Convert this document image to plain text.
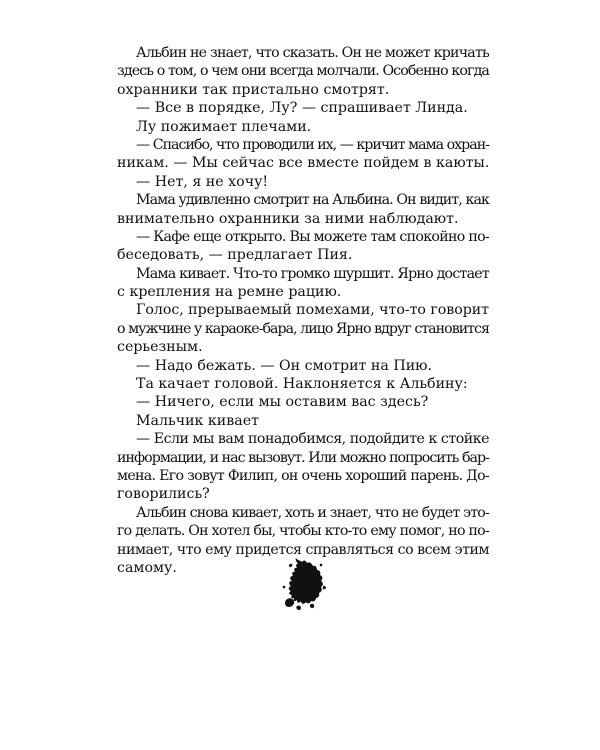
Альбин не знает, что сказать. Он не может кричать
здесь о том, о чем они всегда молчали. Особенно когда
охранники так пристально смотрят.
— Все в порядке, Лу? — спрашивает Линда.
Лу пожимает плечами.
— Спасибо, что проводили их, — кричит мама охран-
никам. — Мы сейчас все вместе пойдем в каюты.
— Нет, я не хочу!
Мама удивленно смотрит на Альбина. Он видит, как
внимательно охранники за ними наблюдают.
— Кафе еще открыто. Вы можете там спокойно по-
беседовать, — предлагает Пия.
Мама кивает. Что-то громко шуршит. Ярно достает
с крепления на ремне рацию.
Голос, прерываемый помехами, что-то говорит
о мужчине у караоке-бара, лицо Ярно вдруг становится
серьезным.
— Надо бежать. — Он смотрит на Пию.
Та качает головой. Наклоняется к Альбину:
— Ничего, если мы оставим вас здесь?
Мальчик кивает
— Если мы вам понадобимся, подойдите к стойке
информации, и нас вызовут. Или можно попросить бар-
мена. Его зовут Филип, он очень хороший парень. До-
говорились?
Альбин снова кивает, хоть и знает, что не будет это-
го делать. Он хотел бы, чтобы кто-то ему помог, но по-
нимает, что ему придется справляться со всем этим
самому.
